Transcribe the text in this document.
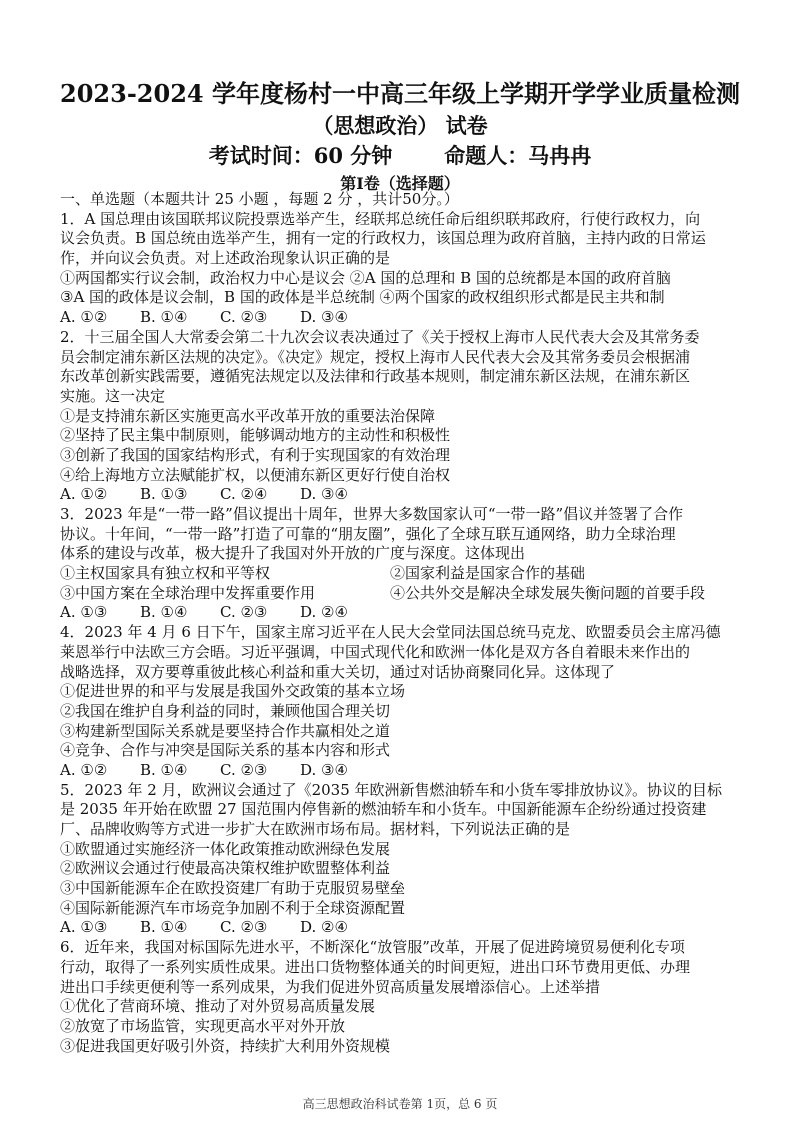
2023-2024 学年度杨村一中高三年级上学期开学学业质量检测
（思想政治） 试卷
考试时间：60 分钟 命题人：马冉冉
第Ⅰ卷（选择题）
一、单选题（本题共计 25 小题 ，每题 2 分 ，共计50分。）
1．A 国总理由该国联邦议院投票选举产生，经联邦总统任命后组织联邦政府，行使行政权力，向
议会负责。B 国总统由选举产生，拥有一定的行政权力，该国总理为政府首脑，主持内政的日常运
作，并向议会负责。对上述政治现象认识正确的是
①两国都实行议会制，政治权力中心是议会 ②A 国的总理和 B 国的总统都是本国的政府首脑
③A 国的政体是议会制，B 国的政体是半总统制 ④两个国家的政权组织形式都是民主共和制
A. ①②	B. ①④	C. ②③	D. ③④
2．十三届全国人大常委会第二十九次会议表决通过了《关于授权上海市人民代表大会及其常务委
员会制定浦东新区法规的决定》。《决定》规定，授权上海市人民代表大会及其常务委员会根据浦
东改革创新实践需要，遵循宪法规定以及法律和行政基本规则，制定浦东新区法规，在浦东新区
实施。这一决定
①是支持浦东新区实施更高水平改革开放的重要法治保障
②坚持了民主集中制原则，能够调动地方的主动性和积极性
③创新了我国的国家结构形式，有利于实现国家的有效治理
④给上海地方立法赋能扩权，以便浦东新区更好行使自治权
A. ①②	B. ①③	C. ②④	D. ③④
3．2023 年是“一带一路”倡议提出十周年，世界大多数国家认可“一带一路”倡议并签署了合作
协议。十年间，“一带一路”打造了可靠的“朋友圈”，强化了全球互联互通网络，助力全球治理
体系的建设与改革，极大提升了我国对外开放的广度与深度。这体现出
①主权国家具有独立权和平等权	②国家利益是国家合作的基础
③中国方案在全球治理中发挥重要作用	④公共外交是解决全球发展失衡问题的首要手段
A. ①③	B. ①④	C. ②③	D. ②④
4．2023 年 4 月 6 日下午，国家主席习近平在人民大会堂同法国总统马克龙、欧盟委员会主席冯德
莱恩举行中法欧三方会晤。习近平强调，中国式现代化和欧洲一体化是双方各自着眼未来作出的
战略选择，双方要尊重彼此核心利益和重大关切，通过对话协商聚同化异。这体现了
①促进世界的和平与发展是我国外交政策的基本立场
②我国在维护自身利益的同时，兼顾他国合理关切
③构建新型国际关系就是要坚持合作共赢相处之道
④竞争、合作与冲突是国际关系的基本内容和形式
A. ①②	B. ①④	C. ②③	D. ③④
5．2023 年 2 月，欧洲议会通过了《2035 年欧洲新售燃油轿车和小货车零排放协议》。协议的目标
是 2035 年开始在欧盟 27 国范围内停售新的燃油轿车和小货车。中国新能源车企纷纷通过投资建
厂、品牌收购等方式进一步扩大在欧洲市场布局。据材料，下列说法正确的是
①欧盟通过实施经济一体化政策推动欧洲绿色发展
②欧洲议会通过行使最高决策权维护欧盟整体利益
③中国新能源车企在欧投资建厂有助于克服贸易壁垒
④国际新能源汽车市场竞争加剧不利于全球资源配置
A. ①③	B. ①④	C. ②③	D. ②④
6．近年来，我国对标国际先进水平，不断深化“放管服”改革，开展了促进跨境贸易便利化专项
行动，取得了一系列实质性成果。进出口货物整体通关的时间更短，进出口环节费用更低、办理
进出口手续更便利等一系列成果，为我们促进外贸高质量发展增添信心。上述举措
①优化了营商环境、推动了对外贸易高质量发展
②放宽了市场监管，实现更高水平对外开放
③促进我国更好吸引外资，持续扩大利用外资规模
高三思想政治科试卷第 1页，总 6 页
